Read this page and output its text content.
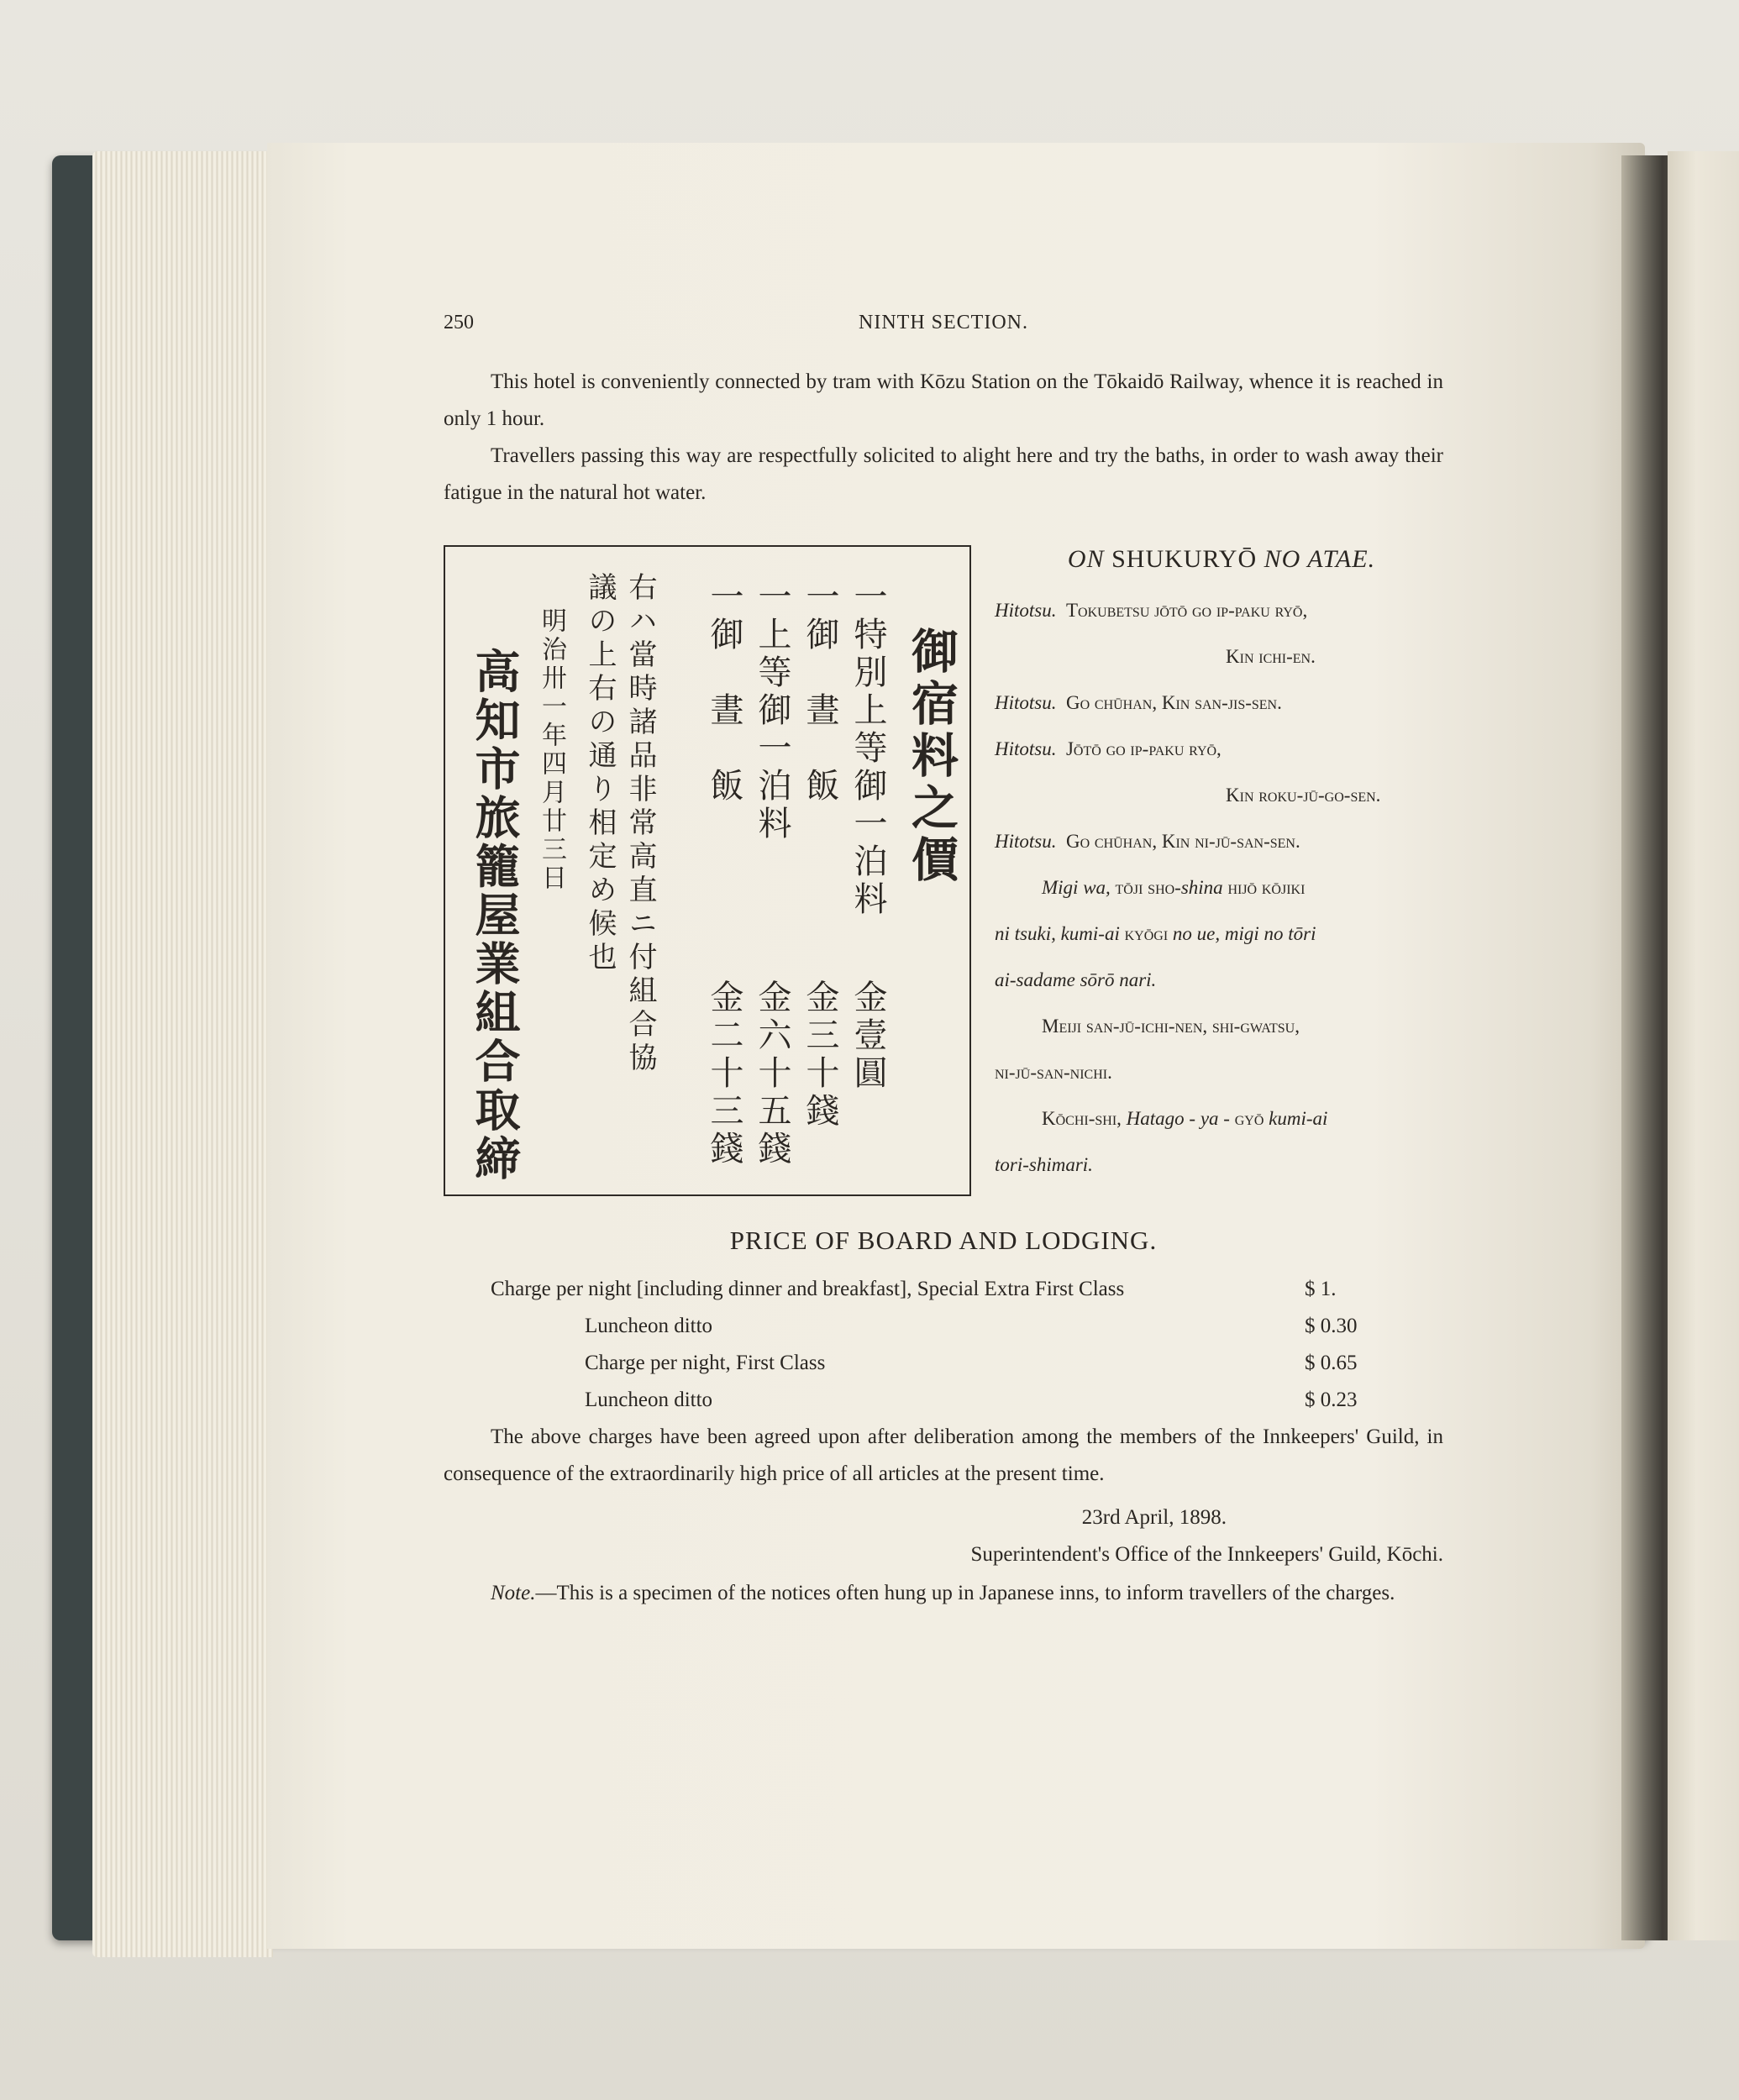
250	NINTH SECTION.

This hotel is conveniently connected by tram with Kōzu Station on the Tōkaidō Railway, whence it is reached in only 1 hour.

Travellers passing this way are respectfully solicited to alight here and try the baths, in order to wash away their fatigue in the natural hot water.

御宿料之價
一特別上等御一泊料
金壹圓
一御　晝　飯
金三十錢
一上等御一泊料
金六十五錢
一御　晝　飯
金二十三錢
右ハ當時諸品非常高直ニ付組合協
議の上右の通り相定め候也
明治卅一年四月廿三日
高知市旅籠屋業組合取締
ON SHUKURYŌ NO ATAE.
Hitotsu. Tokubetsu jōtō go ip-paku ryō,
Kin ichi-en.
Hitotsu. Go chūhan, Kin san-jis-sen.
Hitotsu. Jōtō go ip-paku ryō,
Kin roku-jū-go-sen.
Hitotsu. Go chūhan, Kin ni-jū-san-sen.
Migi wa, tōji sho-shina hijō kōjiki
ni tsuki, kumi-ai kyōgi no ue, migi no tōri
ai-sadame sōrō nari.
Meiji san-jū-ichi-nen, shi-gwatsu,
ni-jū-san-nichi.
Kōchi-shi, Hatago - ya - gyō kumi-ai
tori-shimari.
PRICE OF BOARD AND LODGING.
Charge per night [including dinner and breakfast], Special Extra First Class	$ 1.
Luncheon ditto	$ 0.30
Charge per night, First Class	$ 0.65
Luncheon ditto	$ 0.23

The above charges have been agreed upon after deliberation among the members of the Innkeepers' Guild, in consequence of the extraordinarily high price of all articles at the present time.

23rd April, 1898.
Superintendent's Office of the Innkeepers' Guild, Kōchi.

Note.—This is a specimen of the notices often hung up in Japanese inns, to inform travellers of the charges.
